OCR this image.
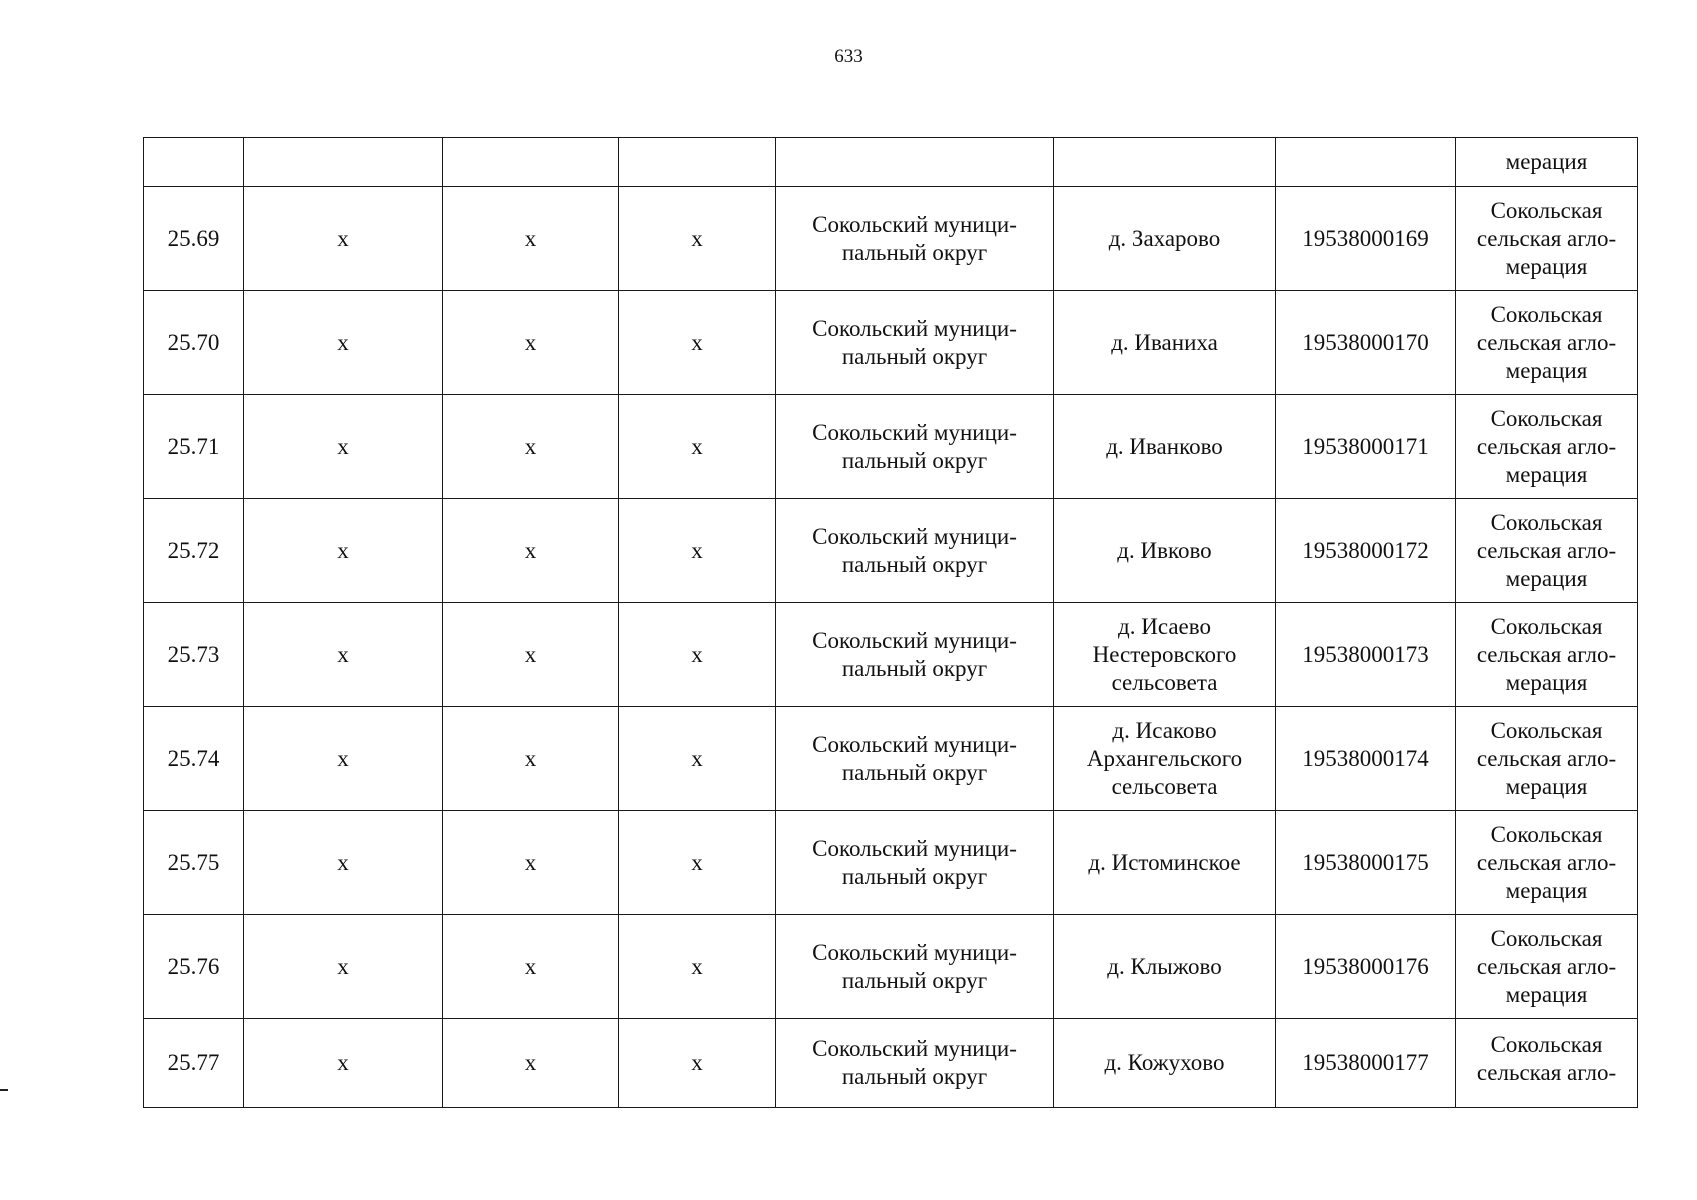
633
							мерация
25.69	х	х	х	Сокольский муници-
пальный округ	д. Захарово	19538000169	Сокольская
сельская агло-
мерация

25.70	х	х	х	Сокольский муници-
пальный округ	д. Иваниха	19538000170	Сокольская
сельская агло-
мерация

25.71	х	х	х	Сокольский муници-
пальный округ	д. Иванково	19538000171	Сокольская
сельская агло-
мерация

25.72	х	х	х	Сокольский муници-
пальный округ	д. Ивково	19538000172	Сокольская
сельская агло-
мерация

25.73	х	х	х	Сокольский муници-
пальный округ	д. Исаево
Нестеровского
сельсовета	19538000173	Сокольская
сельская агло-
мерация

25.74	х	х	х	Сокольский муници-
пальный округ	д. Исаково
Архангельского
сельсовета	19538000174	Сокольская
сельская агло-
мерация

25.75	х	х	х	Сокольский муници-
пальный округ	д. Истоминское	19538000175	Сокольская
сельская агло-
мерация

25.76	х	х	х	Сокольский муници-
пальный округ	д. Клыжово	19538000176	Сокольская
сельская агло-
мерация

25.77	х	х	х	Сокольский муници-
пальный округ	д. Кожухово	19538000177	Сокольская
сельская агло-
